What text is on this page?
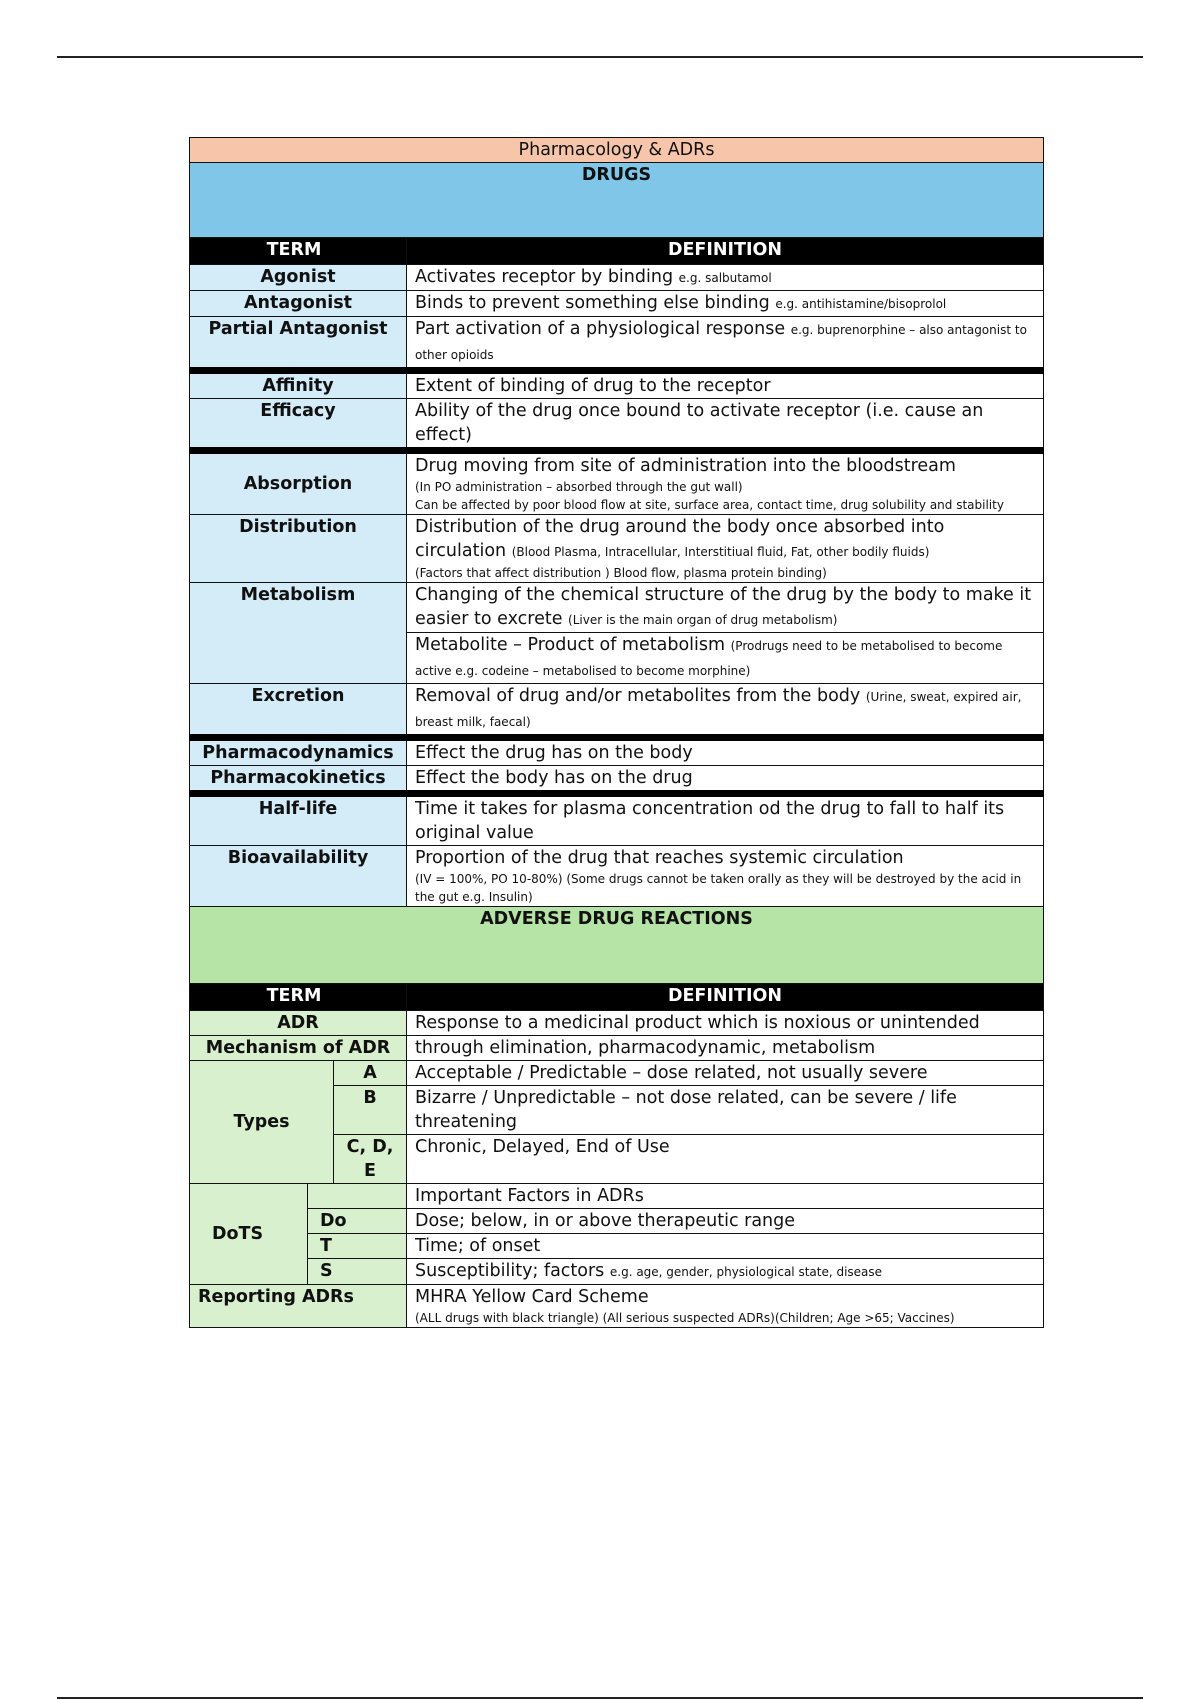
Pharmacology & ADRs			
DRUGS			
TERM			DEFINITION
Agonist			Activates receptor by binding e.g. salbutamol
Antagonist			Binds to prevent something else binding e.g. antihistamine/bisoprolol
Partial Antagonist			Part activation of a physiological response e.g. buprenorphine – also antagonist to other opioids
Affinity			Extent of binding of drug to the receptor
Efficacy			Ability of the drug once bound to activate receptor (i.e. cause an effect)
Absorption			Drug moving from site of administration into the bloodstream
(In PO administration – absorbed through the gut wall)
Can be affected by poor blood flow at site, surface area, contact time, drug solubility and stability

Distribution			Distribution of the drug around the body once absorbed into circulation (Blood Plasma, Intracellular, Interstitiual fluid, Fat, other bodily fluids)
(Factors that affect distribution ) Blood flow, plasma protein binding)

Metabolism			Changing of the chemical structure of the drug by the body to make it easier to excrete (Liver is the main organ of drug metabolism)
			Metabolite – Product of metabolism (Prodrugs need to be metabolised to become active e.g. codeine – metabolised to become morphine)
Excretion			Removal of drug and/or metabolites from the body (Urine, sweat, expired air, breast milk, faecal)
Pharmacodynamics			Effect the drug has on the body
Pharmacokinetics			Effect the body has on the drug
Half-life			Time it takes for plasma concentration od the drug to fall to half its original value
Bioavailability			Proportion of the drug that reaches systemic circulation
(IV = 100%, PO 10-80%) (Some drugs cannot be taken orally as they will be destroyed by the acid in the gut e.g. Insulin)

ADVERSE DRUG REACTIONS			
TERM			DEFINITION
ADR			Response to a medicinal product which is noxious or unintended
Mechanism of ADR			through elimination, pharmacodynamic, metabolism
Types		A	Acceptable / Predictable – dose related, not usually severe
		B	Bizarre / Unpredictable – not dose related, can be severe / life threatening
		C, D, E	Chronic, Delayed, End of Use
DoTS			Important Factors in ADRs
	Do		Dose; below, in or above therapeutic range
	T		Time; of onset
	S		Susceptibility; factors e.g. age, gender, physiological state, disease
Reporting ADRs			MHRA Yellow Card Scheme
(ALL drugs with black triangle) (All serious suspected ADRs)(Children; Age >65; Vaccines)
